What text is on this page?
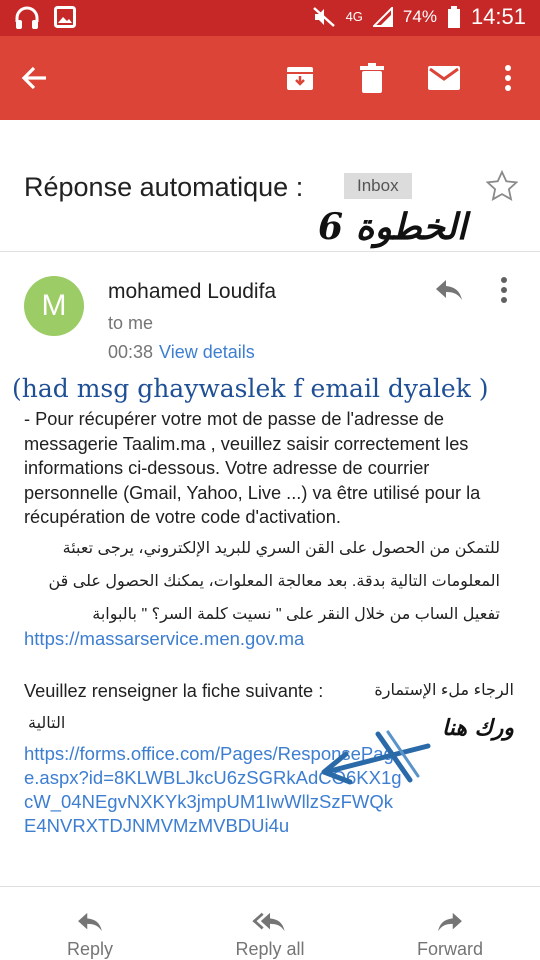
4G 74% 14:51
Réponse automatique :	Inbox
الخطوة 6
M	mohamed Loudifa
to me
00:38 View details
(had msg ghaywaslek f email dyalek )
- Pour récupérer votre mot de passe de l'adresse de messagerie Taalim.ma , veuillez saisir correctement les informations ci-dessous. Votre adresse de courrier personnelle (Gmail, Yahoo, Live ...) va être utilisé pour la récupération de votre code d'activation.
للتمكن من الحصول على القن السري للبريد الإلكتروني، يرجى تعبئة المعلومات التالية بدقة. بعد معالجة المعلوات، يمكنك الحصول على قن تفعيل الساب من خلال النقر على " نسيت كلمة السر؟ " بالبوابة
https://massarservice.men.gov.ma
Veuillez renseigner la fiche suivante :	الرجاء ملء الإستمارة
التالية
https://forms.office.com/Pages/ResponsePage.aspx?id=8KLWBLJkcU6zSGRkAdCO6KX1gcW_04NEgvNXKYk3jmpUM1IwWllzSzFWQkE4NVRXTDJNMVMzMVBDUi4u
ورك هنا
Reply	Reply all	Forward
